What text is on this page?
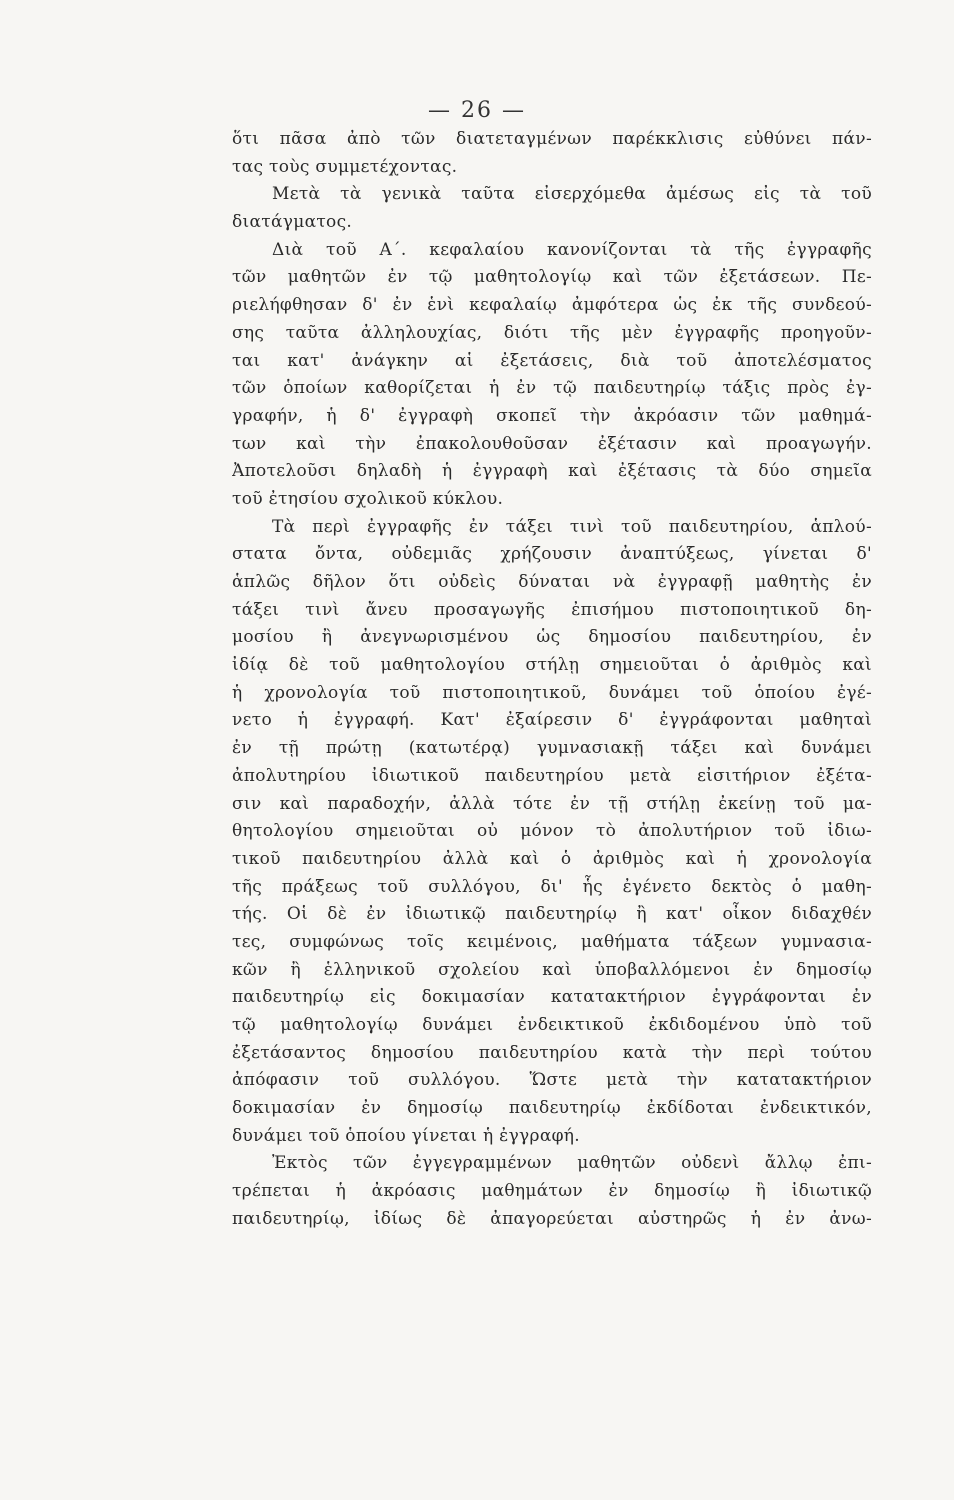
— 26 —
ὅτι πᾶσα ἀπὸ τῶν διατεταγμένων παρέκκλισις εὐθύνει πάν-
τας τοὺς συμμετέχοντας.
Μετὰ τὰ γενικὰ ταῦτα εἰσερχόμεθα ἀμέσως εἰς τὰ τοῦ
διατάγματος.
Διὰ τοῦ Α΄. κεφαλαίου κανονίζονται τὰ τῆς ἐγγραφῆς
τῶν μαθητῶν ἐν τῷ μαθητολογίῳ καὶ τῶν ἐξετάσεων. Πε-
ριελήφθησαν δ' ἐν ἑνὶ κεφαλαίῳ ἀμφότερα ὡς ἐκ τῆς συνδεού-
σης ταῦτα ἀλληλουχίας, διότι τῆς μὲν ἐγγραφῆς προηγοῦν-
ται κατ' ἀνάγκην αἱ ἐξετάσεις, διὰ τοῦ ἀποτελέσματος
τῶν ὁποίων καθορίζεται ἡ ἐν τῷ παιδευτηρίῳ τάξις πρὸς ἐγ-
γραφήν, ἡ δ' ἐγγραφὴ σκοπεῖ τὴν ἀκρόασιν τῶν μαθημά-
των καὶ τὴν ἐπακολουθοῦσαν ἐξέτασιν καὶ προαγωγήν.
Ἀποτελοῦσι δηλαδὴ ἡ ἐγγραφὴ καὶ ἐξέτασις τὰ δύο σημεῖα
τοῦ ἐτησίου σχολικοῦ κύκλου.
Τὰ περὶ ἐγγραφῆς ἐν τάξει τινὶ τοῦ παιδευτηρίου, ἁπλού-
στατα ὄντα, οὐδεμιᾶς χρήζουσιν ἀναπτύξεως, γίνεται δ'
ἁπλῶς δῆλον ὅτι οὐδεὶς δύναται νὰ ἐγγραφῇ μαθητὴς ἐν
τάξει τινὶ ἄνευ προσαγωγῆς ἐπισήμου πιστοποιητικοῦ δη-
μοσίου ἢ ἀνεγνωρισμένου ὡς δημοσίου παιδευτηρίου, ἐν
ἰδίᾳ δὲ τοῦ μαθητολογίου στήλῃ σημειοῦται ὁ ἀριθμὸς καὶ
ἡ χρονολογία τοῦ πιστοποιητικοῦ, δυνάμει τοῦ ὁποίου ἐγέ-
νετο ἡ ἐγγραφή. Κατ' ἐξαίρεσιν δ' ἐγγράφονται μαθηταὶ
ἐν τῇ πρώτῃ (κατωτέρᾳ) γυμνασιακῇ τάξει καὶ δυνάμει
ἀπολυτηρίου ἰδιωτικοῦ παιδευτηρίου μετὰ εἰσιτήριον ἐξέτα-
σιν καὶ παραδοχήν, ἀλλὰ τότε ἐν τῇ στήλῃ ἐκείνῃ τοῦ μα-
θητολογίου σημειοῦται οὐ μόνον τὸ ἀπολυτήριον τοῦ ἰδιω-
τικοῦ παιδευτηρίου ἀλλὰ καὶ ὁ ἀριθμὸς καὶ ἡ χρονολογία
τῆς πράξεως τοῦ συλλόγου, δι' ἧς ἐγένετο δεκτὸς ὁ μαθη-
τής. Οἱ δὲ ἐν ἰδιωτικῷ παιδευτηρίῳ ἢ κατ' οἶκον διδαχθέν
τες, συμφώνως τοῖς κειμένοις, μαθήματα τάξεων γυμνασια-
κῶν ἢ ἑλληνικοῦ σχολείου καὶ ὑποβαλλόμενοι ἐν δημοσίῳ
παιδευτηρίῳ εἰς δοκιμασίαν κατατακτήριον ἐγγράφονται ἐν
τῷ μαθητολογίῳ δυνάμει ἐνδεικτικοῦ ἐκδιδομένου ὑπὸ τοῦ
ἐξετάσαντος δημοσίου παιδευτηρίου κατὰ τὴν περὶ τούτου
ἀπόφασιν τοῦ συλλόγου. Ὥστε μετὰ τὴν κατατακτήριον
δοκιμασίαν ἐν δημοσίῳ παιδευτηρίῳ ἐκδίδοται ἐνδεικτικόν,
δυνάμει τοῦ ὁποίου γίνεται ἡ ἐγγραφή.
Ἐκτὸς τῶν ἐγγεγραμμένων μαθητῶν οὐδενὶ ἄλλῳ ἐπι-
τρέπεται ἡ ἀκρόασις μαθημάτων ἐν δημοσίῳ ἢ ἰδιωτικῷ
παιδευτηρίῳ, ἰδίως δὲ ἀπαγορεύεται αὐστηρῶς ἡ ἐν ἀνω-
